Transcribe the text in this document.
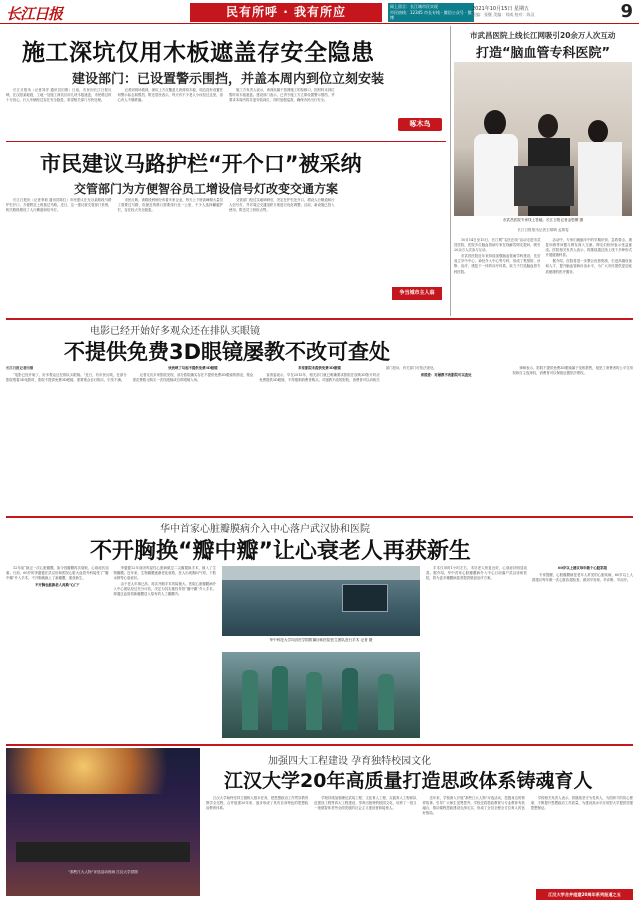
长江日报	民有所呼 · 我有所应	网上留言：长江城市民实现
市民热线：12345 市长专线 · 微信公众号 · 微博
2021年10月15日 星期五
责编：张继 美编：刘威 校对：陈汉	9
施工深坑仅用木板遮盖存安全隐患
建设部门：已设置警示围挡，并盖本周内到位立刻安装

长江日报讯（记者刘洋 通讯员田倩）日前，市民向长江日报反映，在汉阳某地段，工地一处施工深坑仅用几块木板遮盖，市民路过时十分担心，行人车辆经过存在安全隐患，希望相关部门尽快处理。

记者到现场看到，深坑上方仅覆盖几块简易木板，周边没有设置任何警示标志和围挡，附近居民表示，每天有不少老人小孩经过这里，担心有人不慎跌落。

施工方负责人表示，该深坑属于管网施工的检修口，因材料未到位暂时用木板遮盖。建设部门表示，已责令施工方立即设置警示围挡，并要求本周内将井盖安装到位，同时加强巡查，确保市民出行安全。

啄木鸟
市民建议马路护栏“开个口”被采纳
交管部门为方便智谷员工增设信号灯改变交通方案

长江日报讯（记者李莉 通讯员陈红）市民建议在光谷某路段马路护栏开口，方便附近上班族过马路。近日，这一建议被交管部门采纳，相关路段增设了人行横道和信号灯。

市民反映，该路段两侧分布着多家企业，每天上下班高峰期大量员工需要过马路，但最近的路口需要绕行近一公里，不少人选择翻越护栏，存在较大安全隐患。

交管部门经过实地调研后，决定在护栏处开口，增设人行横道和行人信号灯，并对周边交通组织方案进行优化调整。目前，新设施已投入使用，附近员工纷纷点赞。

争当城市主人翁
市武昌医院上线长江网吸引20余万人次互动
打造“脑血管专科医院”
市武昌医院专家线上答疑。长江日报记者金思柳 摄
长江日报报讯记者王晴晴 孟婧雯

10月14日至15日，长江网“名医在线”活动走进市武昌医院，医院多位脑血管病专家在线解答网友提问，吸引20余万人次参与互动。

市武昌医院近年来持续加强脑血管病学科建设，先后成立卒中中心、神经介入中心等专科，形成了集预防、诊断、治疗、康复于一体的诊疗体系，致力于打造脑血管专科医院。

活动中，专家们就脑卒中的早期识别、急救要点、康复训练等问题与网友深入交流，网友们纷纷表示受益匪浅。医院相关负责人表示，将继续通过线上线下多种形式开展健康科普。

据介绍，医院将进一步整合优势资源，引进高端设备和人才，提升脑血管病诊治水平，为广大市民提供更加优质便捷的医疗服务。

电影已经开始好多观众还在排队买眼镜
不提供免费3D眼镜屡教不改可查处
长江日报记者田倩

“电影已经开始了，好多观众还在排队买眼镜。”近日，有市民反映，在部分影院观看3D电影时，影院不提供免费3D眼镜，需要观众自行购买，引发不满。

快放映了勾起不提供免费3D眼镜

记者走访多家影院发现，部分影院确实存在不提供免费3D眼镜的情况，观众需花费数元购买一次性眼镜或自带眼镜入场。

多家影院未提供免费3D眼镜

省消委表示，早在2015年，相关部门就已明确要求影院在放映3D影片时应免费提供3D眼镜，不得强制消费者购买。对屡教不改的影院，消费者可以向相关部门投诉，有关部门可依法查处。

省消委：对屡教不改影院可以查处

律师表示，影院不提供免费3D眼镜属于变相搭售，侵犯了消费者的公平交易权和自主选择权，消费者可以保留证据依法维权。

华中首家心脏瓣膜病介入中心落户武汉协和医院
不开胸换“瓣中瓣”让心衰老人再获新生

12年前“换过一次心脏瓣膜，如今因瓣膜再次衰败，心衰症状加重。日前，69岁的李婆婆在武汉协和医院心脏大血管外科接受了“瓣中瓣”介入手术，不开胸就换上了新瓣膜，重获新生。

不开胸也能换老人再换“心门”

李婆婆12年前因风湿性心脏病做过二尖瓣置换手术，植入了生物瓣膜。近年来，生物瓣膜逐渐老化衰败，老人出现胸闷气短、下肢水肿等心衰症状。

由于老人年事已高，再次开胸手术风险极大。医院心脏瓣膜病介入中心团队经过充分评估，决定为其实施经导管“瓣中瓣”介入手术，即通过血管将新瓣膜送入原有的人工瓣膜内。

华中科技大学同济医学院附属协和医院医生团队进行手术 记者 摄

手术仅用时1小时左右，术后老人恢复良好，心衰症状明显改善。据介绍，华中首家心脏瓣膜病介入中心日前落户武汉协和医院，将为更多瓣膜病患者提供微创治疗方案。

60岁以上建议每年做个心脏彩超

专家提醒，心脏瓣膜病是老年人常见的心脏疾病，60岁以上人群建议每年做一次心脏彩超检查，做到早发现、早诊断、早治疗。

“那些江大人物”评选活动现场 江汉大学供图
加强四大工程建设 孕育独特校园文化
江汉大学20年高质量打造思政体系铸魂育人

江汉大学始终坚持立德树人根本任务，把思想政治工作贯穿教育教学全过程，合并组建20年来，逐步形成了具有自身特色的思想政治教育体系。

学校持续加强理论武装工程、文化育人工程、实践育人工程和队伍建设工程等四大工程建设，孕育出独特的校园文化，培养了一批又一批德智体美劳全面发展的社会主义建设者和接班人。

近年来，学校深入开展“那些江大人物”评选活动，挖掘身边的榜样故事，引导广大师生见贤思齐。学校还将思政教育与专业教育有机融合，推动课程思政建设走深走实，形成了全员全程全方位育人的良好格局。

学校相关负责人表示，将继续坚守为党育人、为国育才的初心使命，不断提升思想政治工作质量，为建设高水平应用型大学提供坚强思想保证。

江汉大学合并组建20周年系列报道之五
